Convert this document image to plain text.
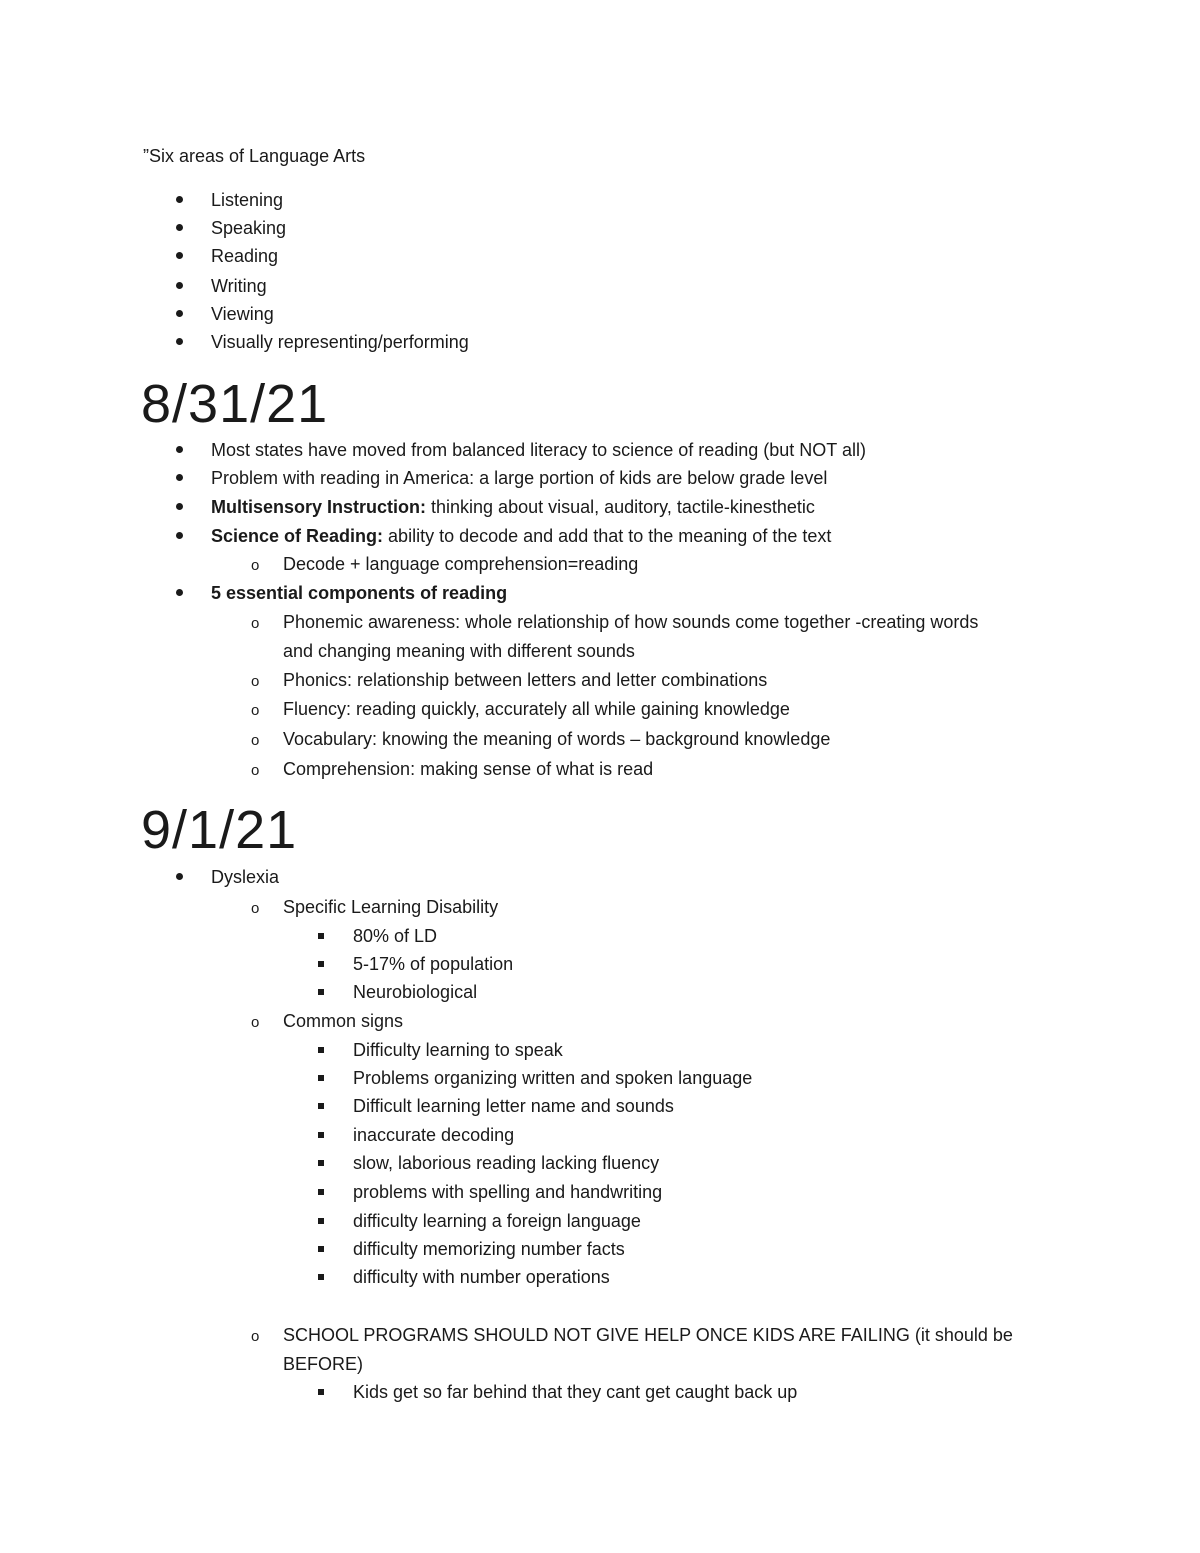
”Six areas of Language Arts
Listening
Speaking
Reading
Writing
Viewing
Visually representing/performing
8/31/21
Most states have moved from balanced literacy to science of reading (but NOT all)
Problem with reading in America: a large portion of kids are below grade level
Multisensory Instruction: thinking about visual, auditory, tactile-kinesthetic
Science of Reading: ability to decode and add that to the meaning of the text
o Decode + language comprehension=reading
5 essential components of reading
o Phonemic awareness: whole relationship of how sounds come together -creating words
and changing meaning with different sounds
o Phonics: relationship between letters and letter combinations
o Fluency: reading quickly, accurately all while gaining knowledge
o Vocabulary: knowing the meaning of words – background knowledge
o Comprehension: making sense of what is read
9/1/21
Dyslexia
o Specific Learning Disability
80% of LD
5-17% of population
Neurobiological
o Common signs
Difficulty learning to speak
Problems organizing written and spoken language
Difficult learning letter name and sounds
inaccurate decoding
slow, laborious reading lacking fluency
problems with spelling and handwriting
difficulty learning a foreign language
difficulty memorizing number facts
difficulty with number operations
o SCHOOL PROGRAMS SHOULD NOT GIVE HELP ONCE KIDS ARE FAILING (it should be
BEFORE)
Kids get so far behind that they cant get caught back up
